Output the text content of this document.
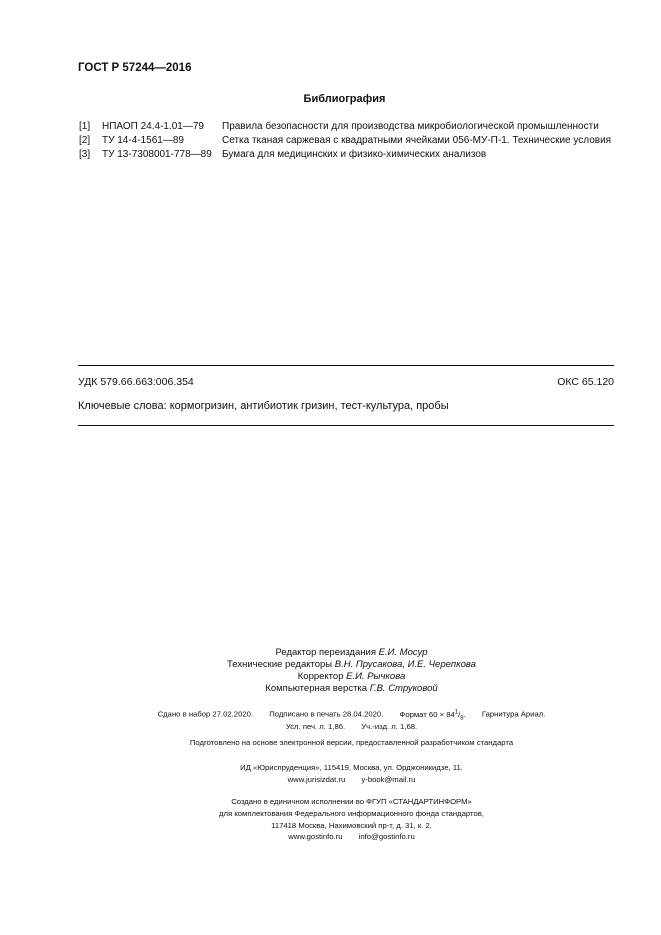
ГОСТ Р 57244—2016
Библиография
[1] НПАОП 24.4-1.01—79 Правила безопасности для производства микробиологической промышленности
[2] ТУ 14-4-1561—89	Сетка тканая саржевая с квадратными ячейками 056-МУ-П-1. Технические условия
[3] ТУ 13-7308001-778—89 Бумага для медицинских и физико-химических анализов
УДК 579.66.663:006.354	ОКС 65.120
Ключевые слова: кормогризин, антибиотик гризин, тест-культура, пробы
Редактор переиздания Е.И. Мосур
Технические редакторы В.Н. Прусакова, И.Е. Черепкова
Корректор Е.И. Рычкова
Компьютерная верстка Г.В. Струковой
Сдано в набор 27.02.2020. Подписано в печать 28.04.2020. Формат $60 \times 84^1/_8$. Гарнитура Ариал.
Усл. печ. л. 1,86. Уч.-изд. л. 1,68.
Подготовлено на основе электронной версии, предоставленной разработчиком стандарта
ИД «Юриспруденция», 115419, Москва, ул. Орджоникидзе, 11.
www.jurisizdat.ru y-book@mail.ru
Создано в единичном исполнении во ФГУП «СТАНДАРТИНФОРМ»
для комплектования Федерального информационного фонда стандартов,
117418 Москва, Нахимовский пр-т, д. 31, к. 2.
www.gostinfo.ru info@gostinfo.ru
